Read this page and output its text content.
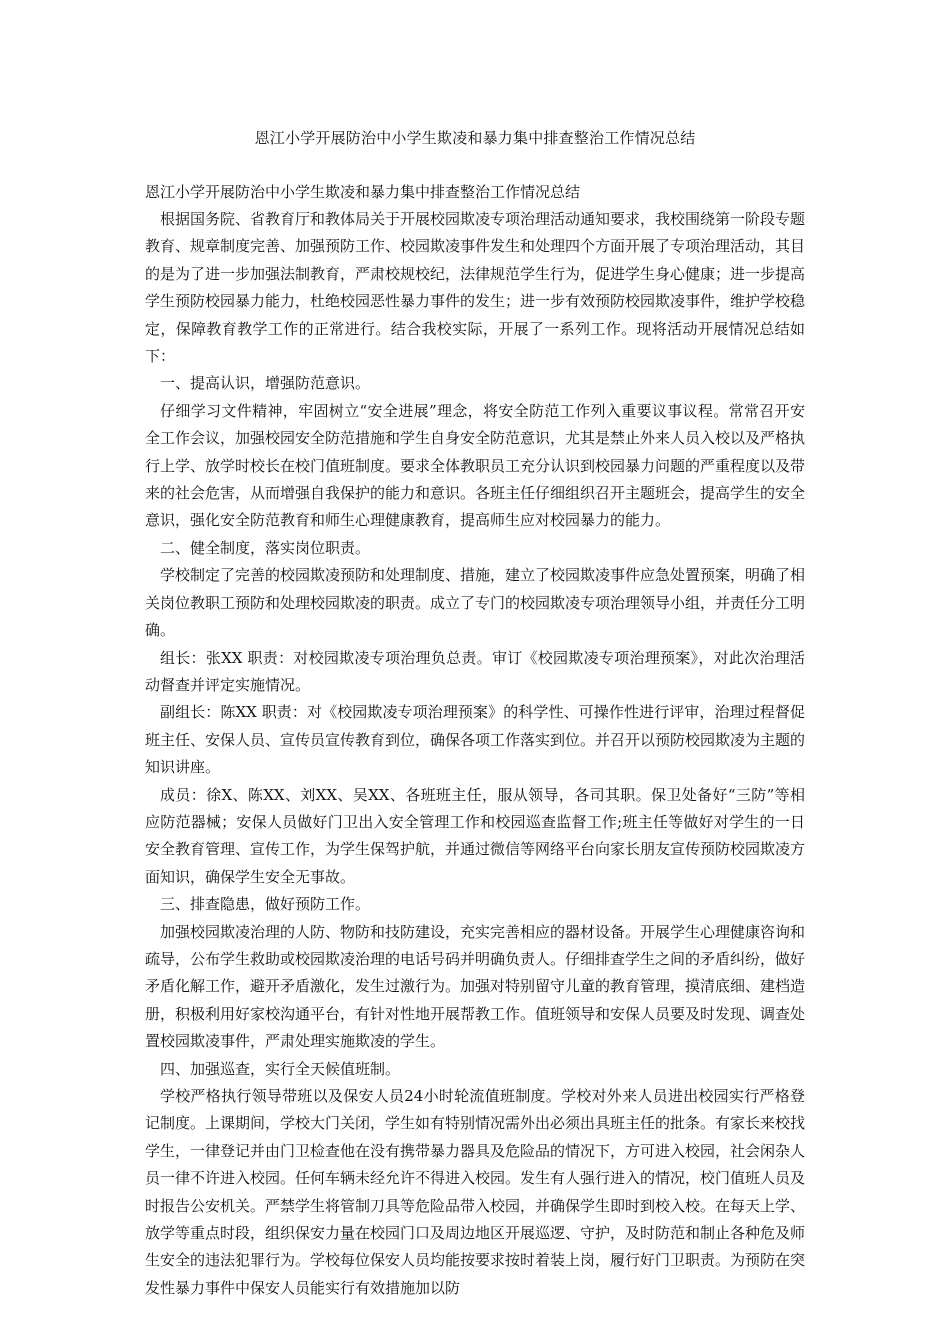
恩江小学开展防治中小学生欺凌和暴力集中排查整治工作情况总结

恩江小学开展防治中小学生欺凌和暴力集中排查整治工作情况总结

根据国务院、省教育厅和教体局关于开展校园欺凌专项治理活动通知要求，我校围绕第一阶段专题教育、规章制度完善、加强预防工作、校园欺凌事件发生和处理四个方面开展了专项治理活动，其目的是为了进一步加强法制教育，严肃校规校纪，法律规范学生行为，促进学生身心健康；进一步提高学生预防校园暴力能力，杜绝校园恶性暴力事件的发生；进一步有效预防校园欺凌事件，维护学校稳定，保障教育教学工作的正常进行。结合我校实际，开展了一系列工作。现将活动开展情况总结如下：

一、提高认识，增强防范意识。

仔细学习文件精神，牢固树立“安全进展”理念，将安全防范工作列入重要议事议程。常常召开安全工作会议，加强校园安全防范措施和学生自身安全防范意识，尤其是禁止外来人员入校以及严格执行上学、放学时校长在校门值班制度。要求全体教职员工充分认识到校园暴力问题的严重程度以及带来的社会危害，从而增强自我保护的能力和意识。各班主任仔细组织召开主题班会，提高学生的安全意识，强化安全防范教育和师生心理健康教育，提高师生应对校园暴力的能力。

二、健全制度，落实岗位职责。

学校制定了完善的校园欺凌预防和处理制度、措施，建立了校园欺凌事件应急处置预案，明确了相关岗位教职工预防和处理校园欺凌的职责。成立了专门的校园欺凌专项治理领导小组，并责任分工明确。

组长：张XX 职责：对校园欺凌专项治理负总责。审订《校园欺凌专项治理预案》，对此次治理活动督查并评定实施情况。

副组长：陈XX 职责：对《校园欺凌专项治理预案》的科学性、可操作性进行评审，治理过程督促班主任、安保人员、宣传员宣传教育到位，确保各项工作落实到位。并召开以预防校园欺凌为主题的知识讲座。

成员：徐X、陈XX、刘XX、吴XX、各班班主任，服从领导，各司其职。保卫处备好“三防”等相应防范器械；安保人员做好门卫出入安全管理工作和校园巡查监督工作;班主任等做好对学生的一日安全教育管理、宣传工作，为学生保驾护航，并通过微信等网络平台向家长朋友宣传预防校园欺凌方面知识，确保学生安全无事故。

三、排查隐患，做好预防工作。

加强校园欺凌治理的人防、物防和技防建设，充实完善相应的器材设备。开展学生心理健康咨询和疏导，公布学生救助或校园欺凌治理的电话号码并明确负责人。仔细排查学生之间的矛盾纠纷，做好矛盾化解工作，避开矛盾激化，发生过激行为。加强对特别留守儿童的教育管理，摸清底细、建档造册，积极利用好家校沟通平台，有针对性地开展帮教工作。值班领导和安保人员要及时发现、调查处置校园欺凌事件，严肃处理实施欺凌的学生。

四、加强巡查，实行全天候值班制。

学校严格执行领导带班以及保安人员24小时轮流值班制度。学校对外来人员进出校园实行严格登记制度。上课期间，学校大门关闭，学生如有特别情况需外出必须出具班主任的批条。有家长来校找学生，一律登记并由门卫检查他在没有携带暴力器具及危险品的情况下，方可进入校园，社会闲杂人员一律不许进入校园。任何车辆未经允许不得进入校园。发生有人强行进入的情况，校门值班人员及时报告公安机关。严禁学生将管制刀具等危险品带入校园，并确保学生即时到校入校。在每天上学、放学等重点时段，组织保安力量在校园门口及周边地区开展巡逻、守护，及时防范和制止各种危及师生安全的违法犯罪行为。学校每位保安人员均能按要求按时着装上岗，履行好门卫职责。为预防在突发性暴力事件中保安人员能实行有效措施加以防
